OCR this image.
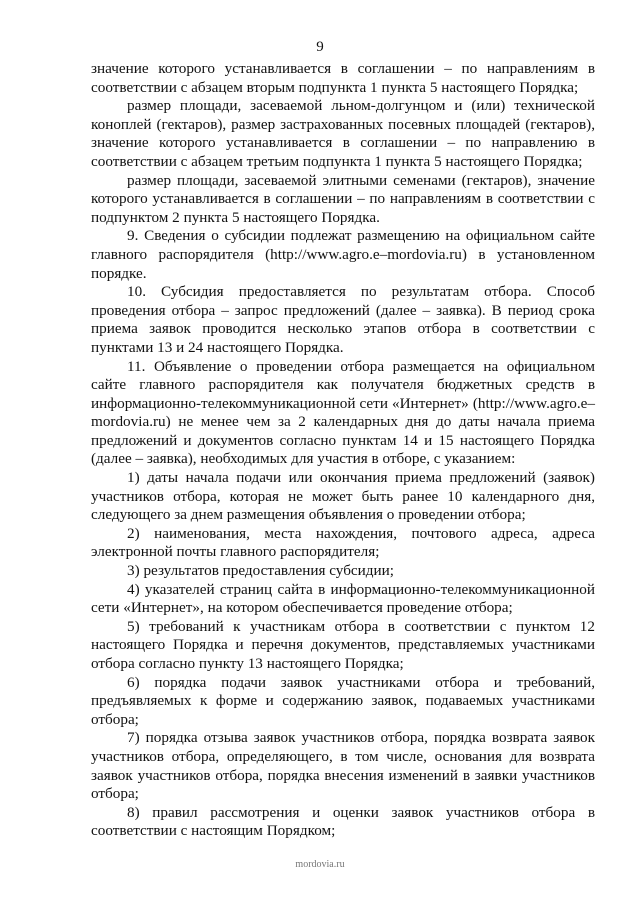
9

значение которого устанавливается в соглашении – по направлениям в соответствии с абзацем вторым подпункта 1 пункта 5 настоящего Порядка;

размер площади, засеваемой льном-долгунцом и (или) технической коноплей (гектаров), размер застрахованных посевных площадей (гектаров), значение которого устанавливается в соглашении – по направлению в соответствии с абзацем третьим подпункта 1 пункта 5 настоящего Порядка;

размер площади, засеваемой элитными семенами (гектаров), значение которого устанавливается в соглашении – по направлениям в соответствии с подпунктом 2 пункта 5 настоящего Порядка.

9. Сведения о субсидии подлежат размещению на официальном сайте главного распорядителя (http://www.agro.e–mordovia.ru) в установленном порядке.

10. Субсидия предоставляется по результатам отбора. Способ проведения отбора – запрос предложений (далее – заявка). В период срока приема заявок проводится несколько этапов отбора в соответствии с пунктами 13 и 24 настоящего Порядка.

11. Объявление о проведении отбора размещается на официальном сайте главного распорядителя как получателя бюджетных средств в информационно-телекоммуникационной сети «Интернет» (http://www.agro.e–mordovia.ru) не менее чем за 2 календарных дня до даты начала приема предложений и документов согласно пунктам 14 и 15 настоящего Порядка (далее – заявка), необходимых для участия в отборе, с указанием:

1) даты начала подачи или окончания приема предложений (заявок) участников отбора, которая не может быть ранее 10 календарного дня, следующего за днем размещения объявления о проведении отбора;

2) наименования, места нахождения, почтового адреса, адреса электронной почты главного распорядителя;

3) результатов предоставления субсидии;

4) указателей страниц сайта в информационно-телекоммуникационной сети «Интернет», на котором обеспечивается проведение отбора;

5) требований к участникам отбора в соответствии с пунктом 12 настоящего Порядка и перечня документов, представляемых участниками отбора согласно пункту 13 настоящего Порядка;

6) порядка подачи заявок участниками отбора и требований, предъявляемых к форме и содержанию заявок, подаваемых участниками отбора;

7) порядка отзыва заявок участников отбора, порядка возврата заявок участников отбора, определяющего, в том числе, основания для возврата заявок участников отбора, порядка внесения изменений в заявки участников отбора;

8) правил рассмотрения и оценки заявок участников отбора в соответствии с настоящим Порядком;

mordovia.ru
